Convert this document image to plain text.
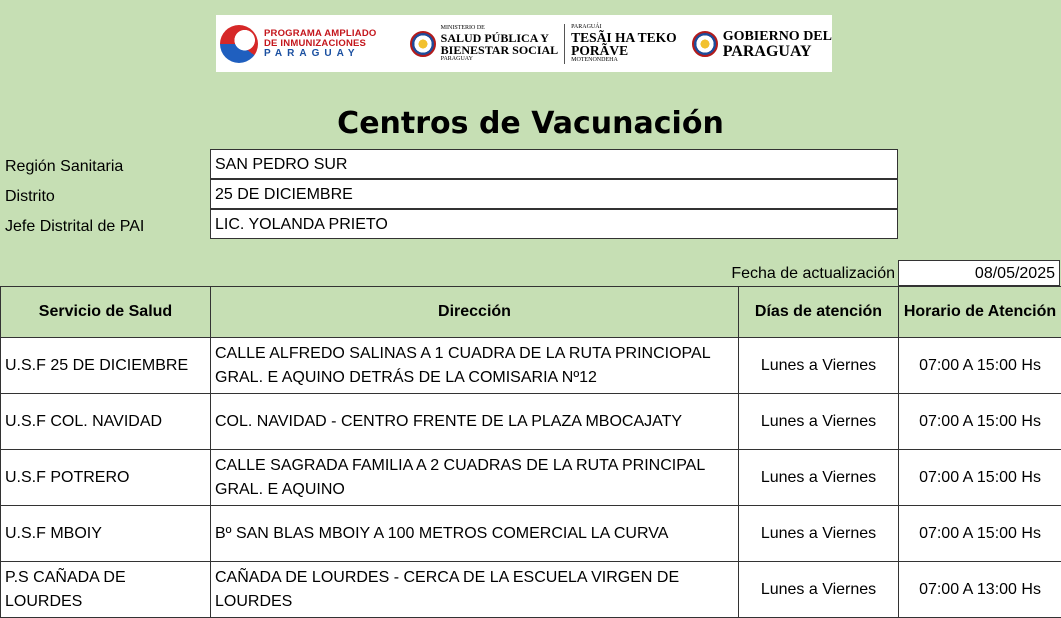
PROGRAMA AMPLIADO
DE INMUNIZACIONES
PARAGUAY
MINISTERIO DE
SALUD PÚBLICA Y
BIENESTAR SOCIAL
PARAGUAY
PARAGUÁI
TESÃI HA TEKO
PORÃVE
MOTENONDEHA
GOBIERNO DEL
PARAGUAY
Centros de Vacunación
Región Sanitaria	SAN PEDRO SUR
Distrito	25 DE DICIEMBRE
Jefe Distrital de PAI	LIC. YOLANDA PRIETO
Fecha de actualización	08/05/2025
Servicio de Salud	Dirección	Días de atención	Horario de Atención
U.S.F 25 DE DICIEMBRE	CALLE ALFREDO SALINAS A 1 CUADRA DE LA RUTA PRINCIOPAL GRAL. E AQUINO DETRÁS DE LA COMISARIA Nº12	Lunes a Viernes	07:00 A 15:00 Hs
U.S.F COL. NAVIDAD	COL. NAVIDAD - CENTRO FRENTE DE LA PLAZA MBOCAJATY	Lunes a Viernes	07:00 A 15:00 Hs
U.S.F POTRERO	CALLE SAGRADA FAMILIA A 2 CUADRAS DE LA RUTA PRINCIPAL GRAL. E AQUINO	Lunes a Viernes	07:00 A 15:00 Hs
U.S.F MBOIY	Bº SAN BLAS MBOIY A 100 METROS COMERCIAL LA CURVA	Lunes a Viernes	07:00 A 15:00 Hs
P.S CAÑADA DE LOURDES	CAÑADA DE LOURDES - CERCA DE LA ESCUELA VIRGEN DE LOURDES	Lunes a Viernes	07:00 A 13:00 Hs
